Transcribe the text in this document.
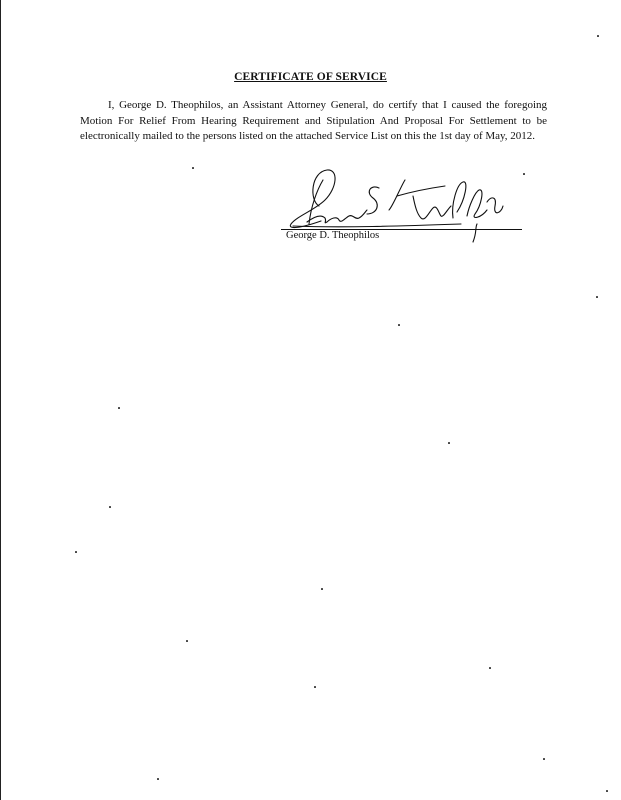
CERTIFICATE OF SERVICE
I, George D. Theophilos, an Assistant Attorney General, do certify that I caused the foregoing Motion For Relief From Hearing Requirement and Stipulation And Proposal For Settlement to be electronically mailed to the persons listed on the attached Service List on this the 1st day of May, 2012.
George D. Theophilos
